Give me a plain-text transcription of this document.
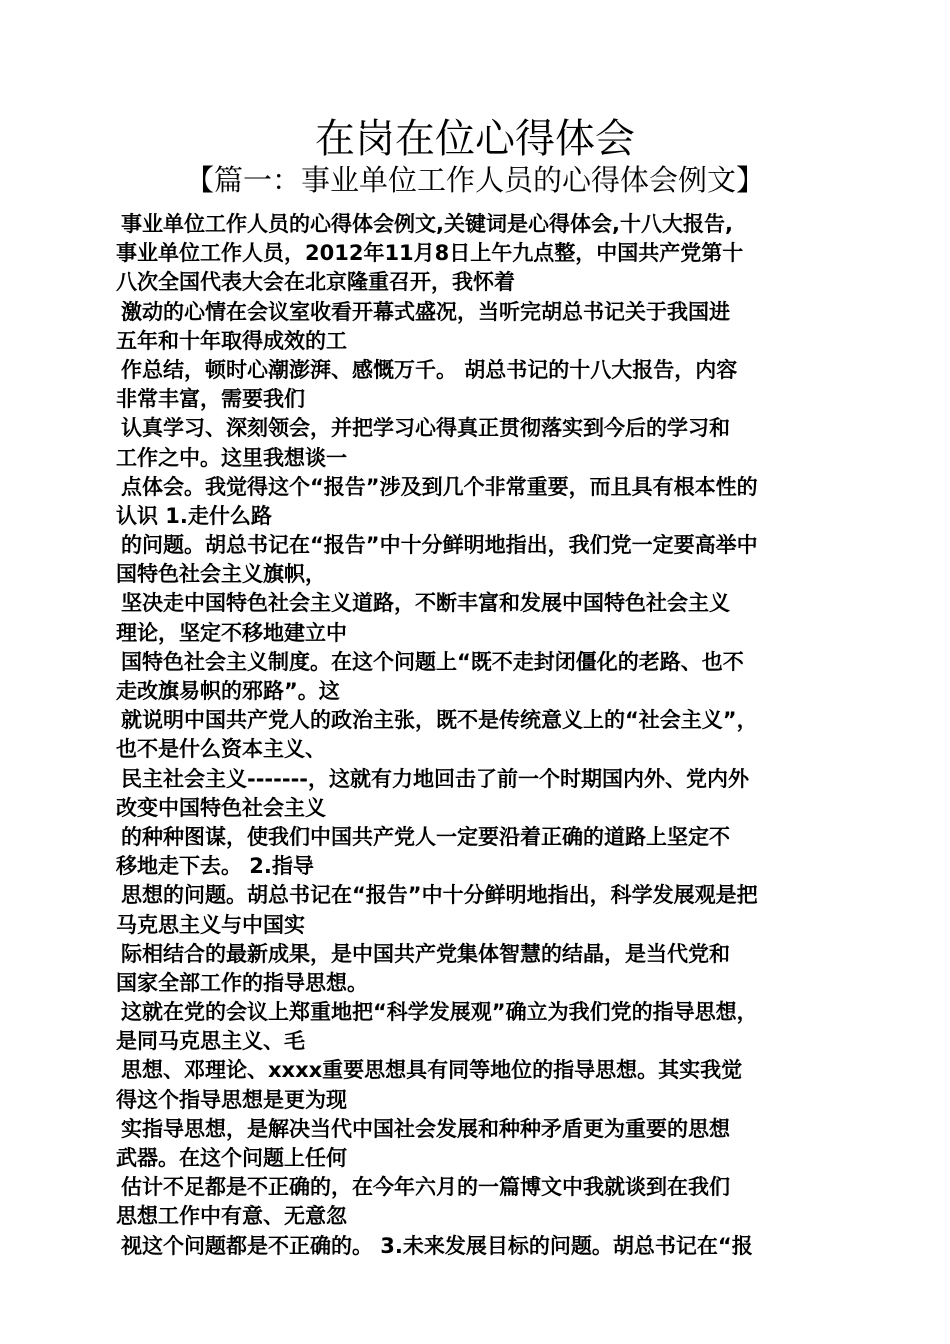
在岗在位心得体会
【篇一：事业单位工作人员的心得体会例文】
事业单位工作人员的心得体会例文,关键词是心得体会,十八大报告,
事业单位工作人员，2012年11月8日上午九点整，中国共产党第十
八次全国代表大会在北京隆重召开，我怀着
激动的心情在会议室收看开幕式盛况，当听完胡总书记关于我国进
五年和十年取得成效的工
作总结，顿时心潮澎湃、感慨万千。 胡总书记的十八大报告，内容
非常丰富，需要我们
认真学习、深刻领会，并把学习心得真正贯彻落实到今后的学习和
工作之中。这里我想谈一
点体会。我觉得这个“报告”涉及到几个非常重要，而且具有根本性的
认识 1.走什么路
的问题。胡总书记在“报告”中十分鲜明地指出，我们党一定要高举中
国特色社会主义旗帜，
坚决走中国特色社会主义道路，不断丰富和发展中国特色社会主义
理论，坚定不移地建立中
国特色社会主义制度。在这个问题上“既不走封闭僵化的老路、也不
走改旗易帜的邪路”。这
就说明中国共产党人的政治主张，既不是传统意义上的“社会主义”，
也不是什么资本主义、
民主社会主义-------，这就有力地回击了前一个时期国内外、党内外
改变中国特色社会主义
的种种图谋，使我们中国共产党人一定要沿着正确的道路上坚定不
移地走下去。 2.指导
思想的问题。胡总书记在“报告”中十分鲜明地指出，科学发展观是把
马克思主义与中国实
际相结合的最新成果，是中国共产党集体智慧的结晶，是当代党和
国家全部工作的指导思想。
这就在党的会议上郑重地把“科学发展观”确立为我们党的指导思想，
是同马克思主义、毛
思想、邓理论、xxxx重要思想具有同等地位的指导思想。其实我觉
得这个指导思想是更为现
实指导思想，是解决当代中国社会发展和种种矛盾更为重要的思想
武器。在这个问题上任何
估计不足都是不正确的，在今年六月的一篇博文中我就谈到在我们
思想工作中有意、无意忽
视这个问题都是不正确的。 3.未来发展目标的问题。胡总书记在“报
